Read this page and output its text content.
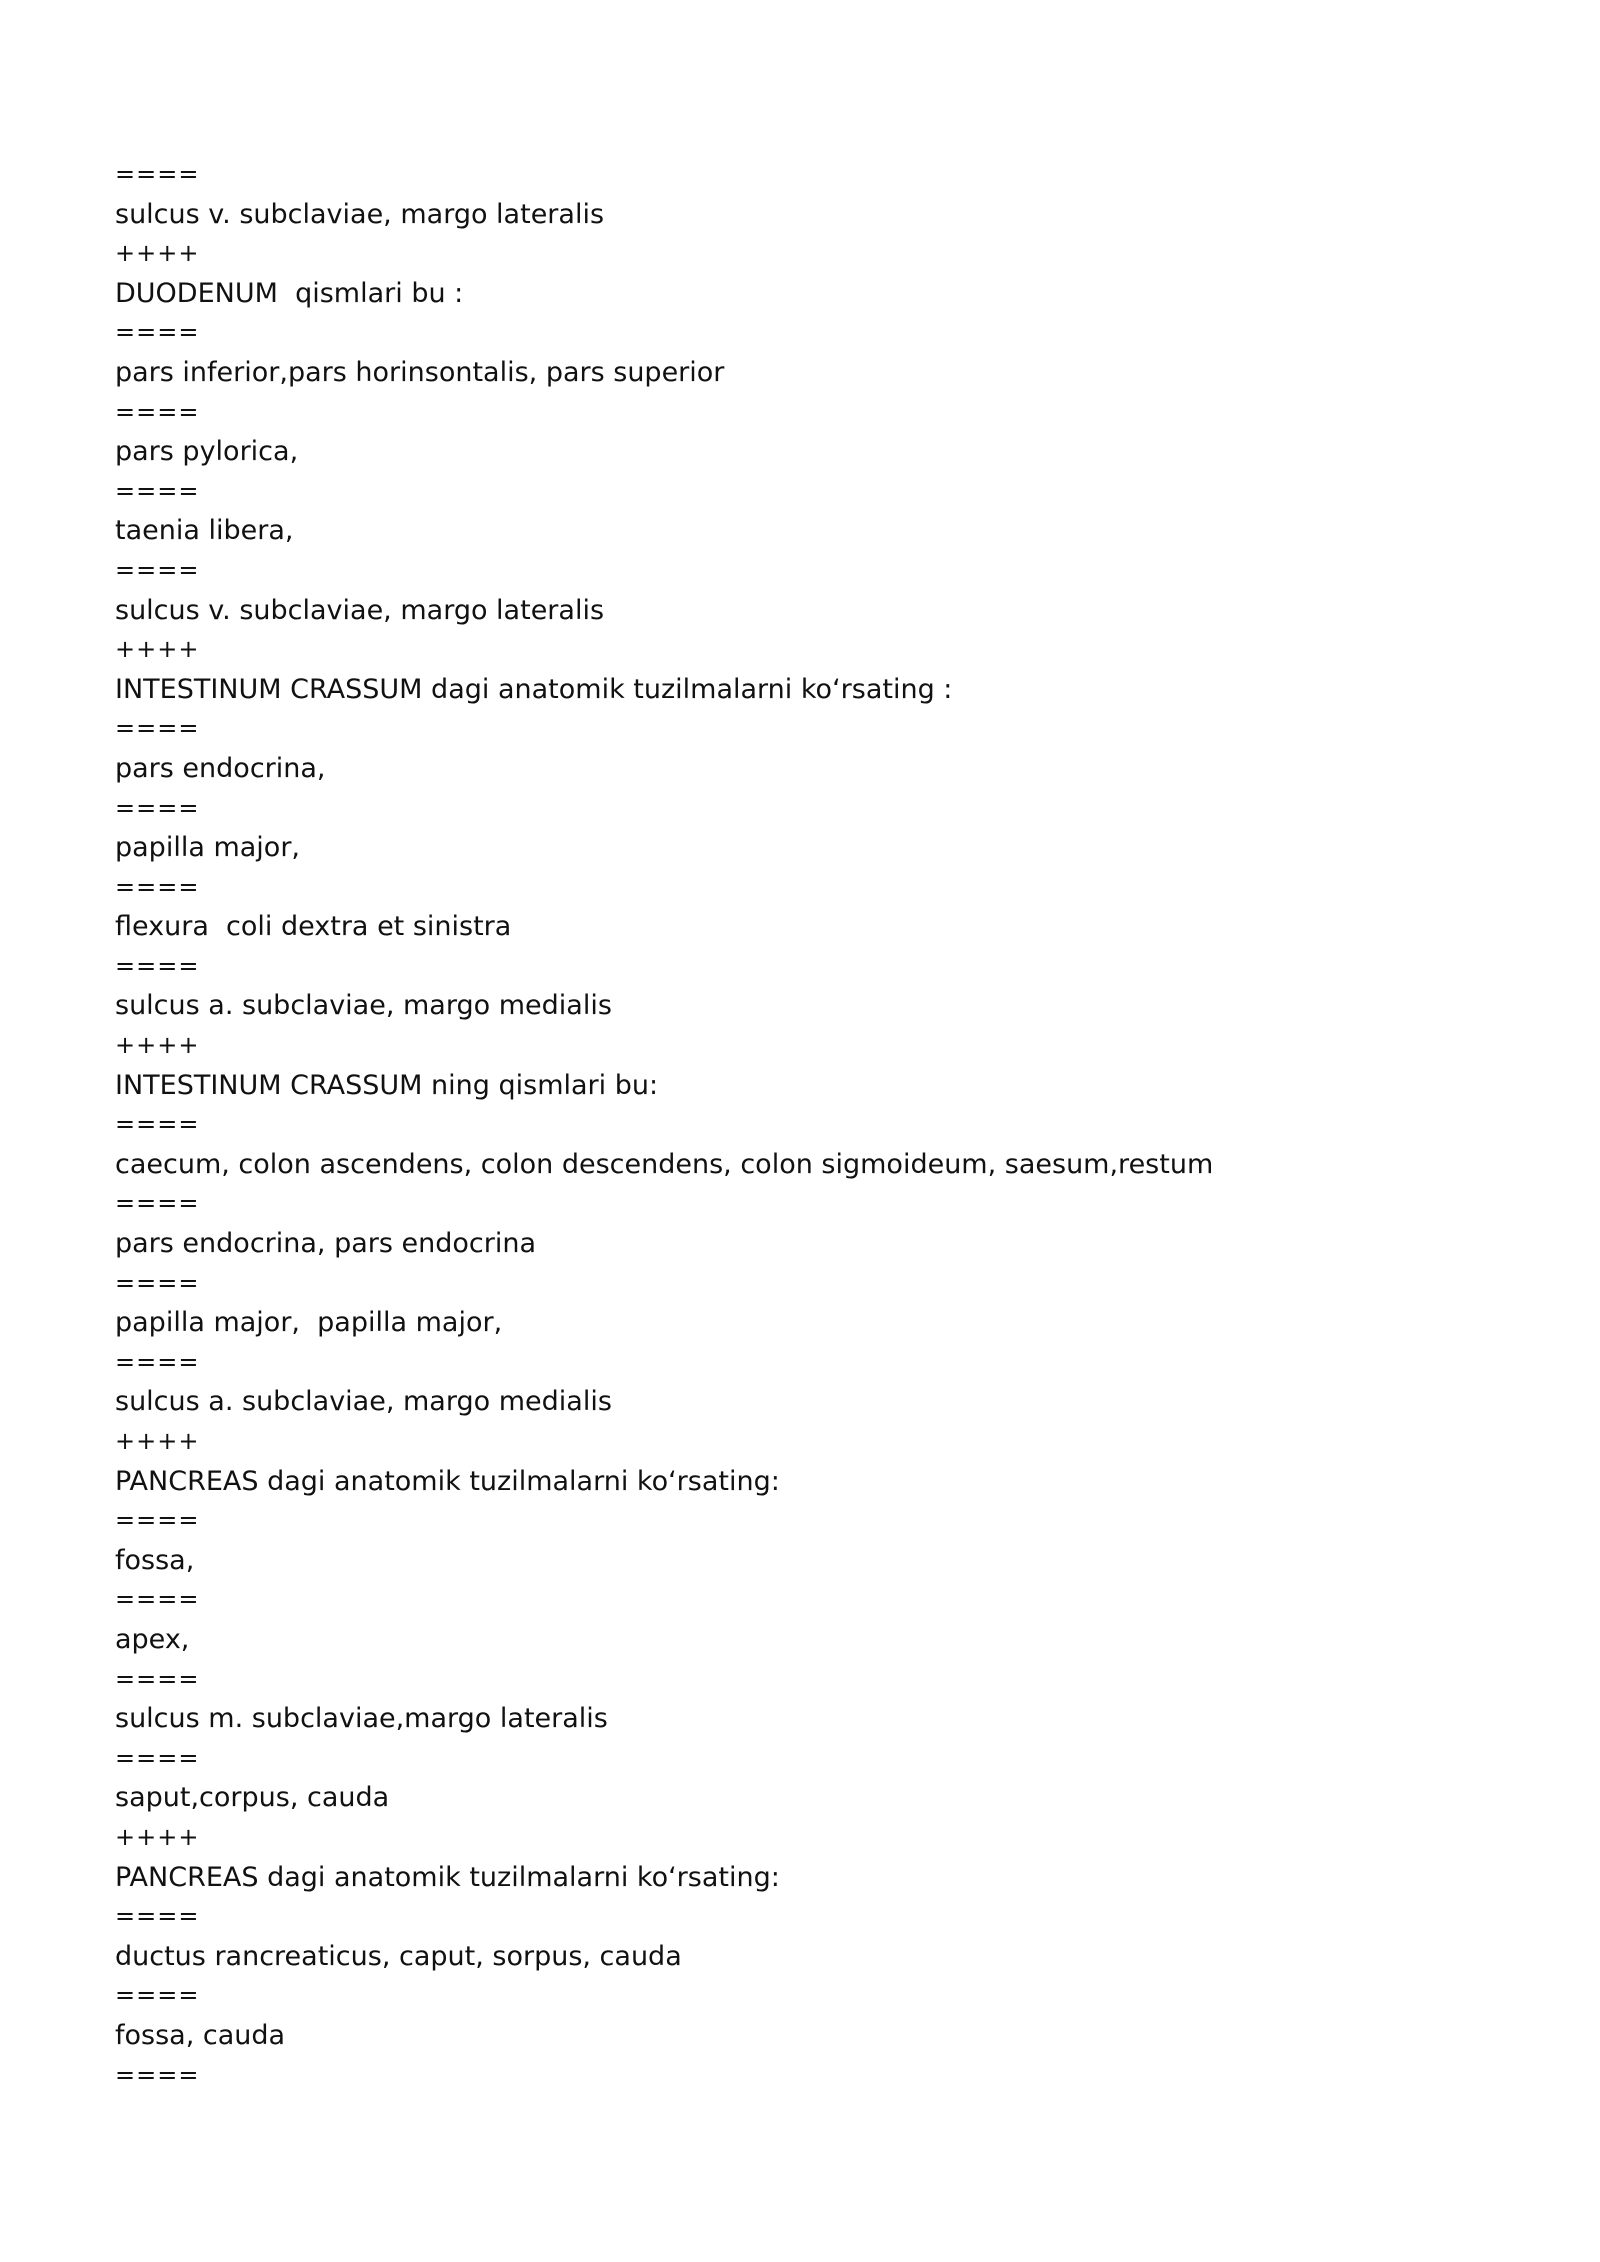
====
sulcus v. subclaviae, margo lateralis
++++
DUODENUM  qismlari bu :
====
pars inferior,pars horinsontalis, pars superior
====
pars pylorica,
====
taenia libera,
====
sulcus v. subclaviae, margo lateralis
++++
INTESTINUM CRASSUM dagi anatomik tuzilmalarni ko‘rsating :
====
pars endocrina,
====
papilla major,
====
flexura  coli dextra et sinistra
====
sulcus a. subclaviae, margo medialis
++++
INTESTINUM CRASSUM ning qismlari bu:
====
caecum, colon ascendens, colon descendens, colon sigmoideum, saesum,restum
====
pars endocrina, pars endocrina
====
papilla major,  papilla major,
====
sulcus a. subclaviae, margo medialis
++++
PANCREAS dagi anatomik tuzilmalarni ko‘rsating:
====
fossa,
====
apex,
====
sulcus m. subclaviae,margo lateralis
====
saput,corpus, cauda
++++
PANCREAS dagi anatomik tuzilmalarni ko‘rsating:
====
ductus rancreaticus, caput, sorpus, cauda
====
fossa, cauda
====
